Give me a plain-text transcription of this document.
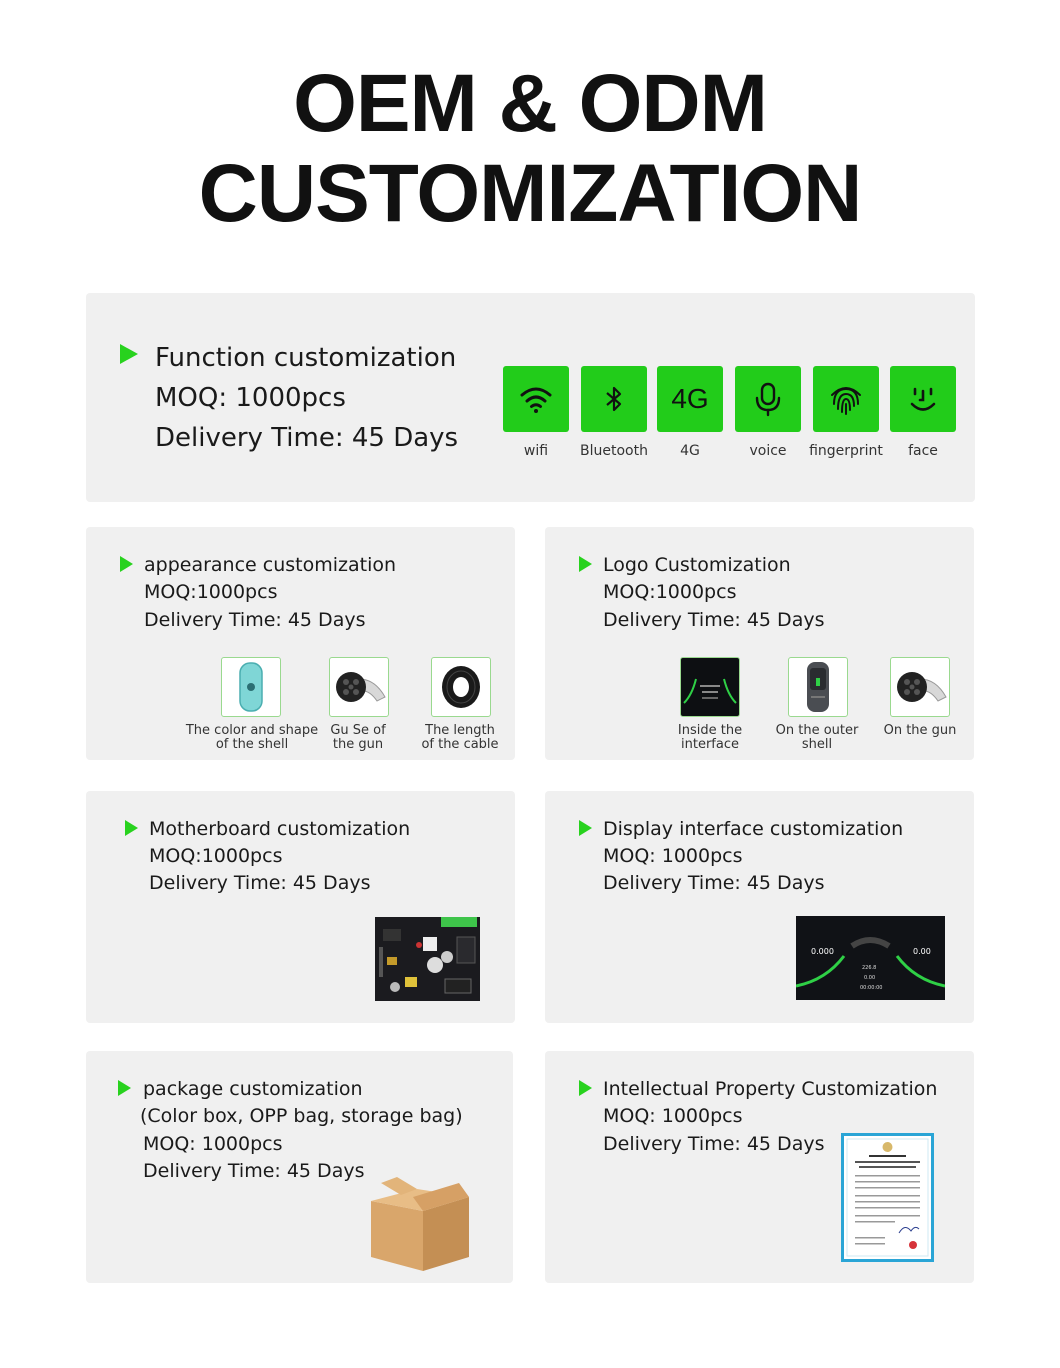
OEM & ODM
CUSTOMIZATION
Function customization
MOQ: 1000pcs
Delivery Time: 45 Days
4G
wifi	Bluetooth	4G	voice	fingerprint	face
appearance customization
MOQ:1000pcs
Delivery Time: 45 Days
The color and shape
of the shell
Gu Se of
the gun
The length
of the cable
Logo Customization
MOQ:1000pcs
Delivery Time: 45 Days
Inside the
interface
On the outer
shell
On the gun
Motherboard customization
MOQ:1000pcs
Delivery Time: 45 Days
Display interface customization
MOQ: 1000pcs
Delivery Time: 45 Days
0.000	0.00
226.8
0.00
00:00:00
package customization
(Color box, OPP bag, storage bag)
MOQ: 1000pcs
Delivery Time: 45 Days
Intellectual Property Customization
MOQ: 1000pcs
Delivery Time: 45 Days
